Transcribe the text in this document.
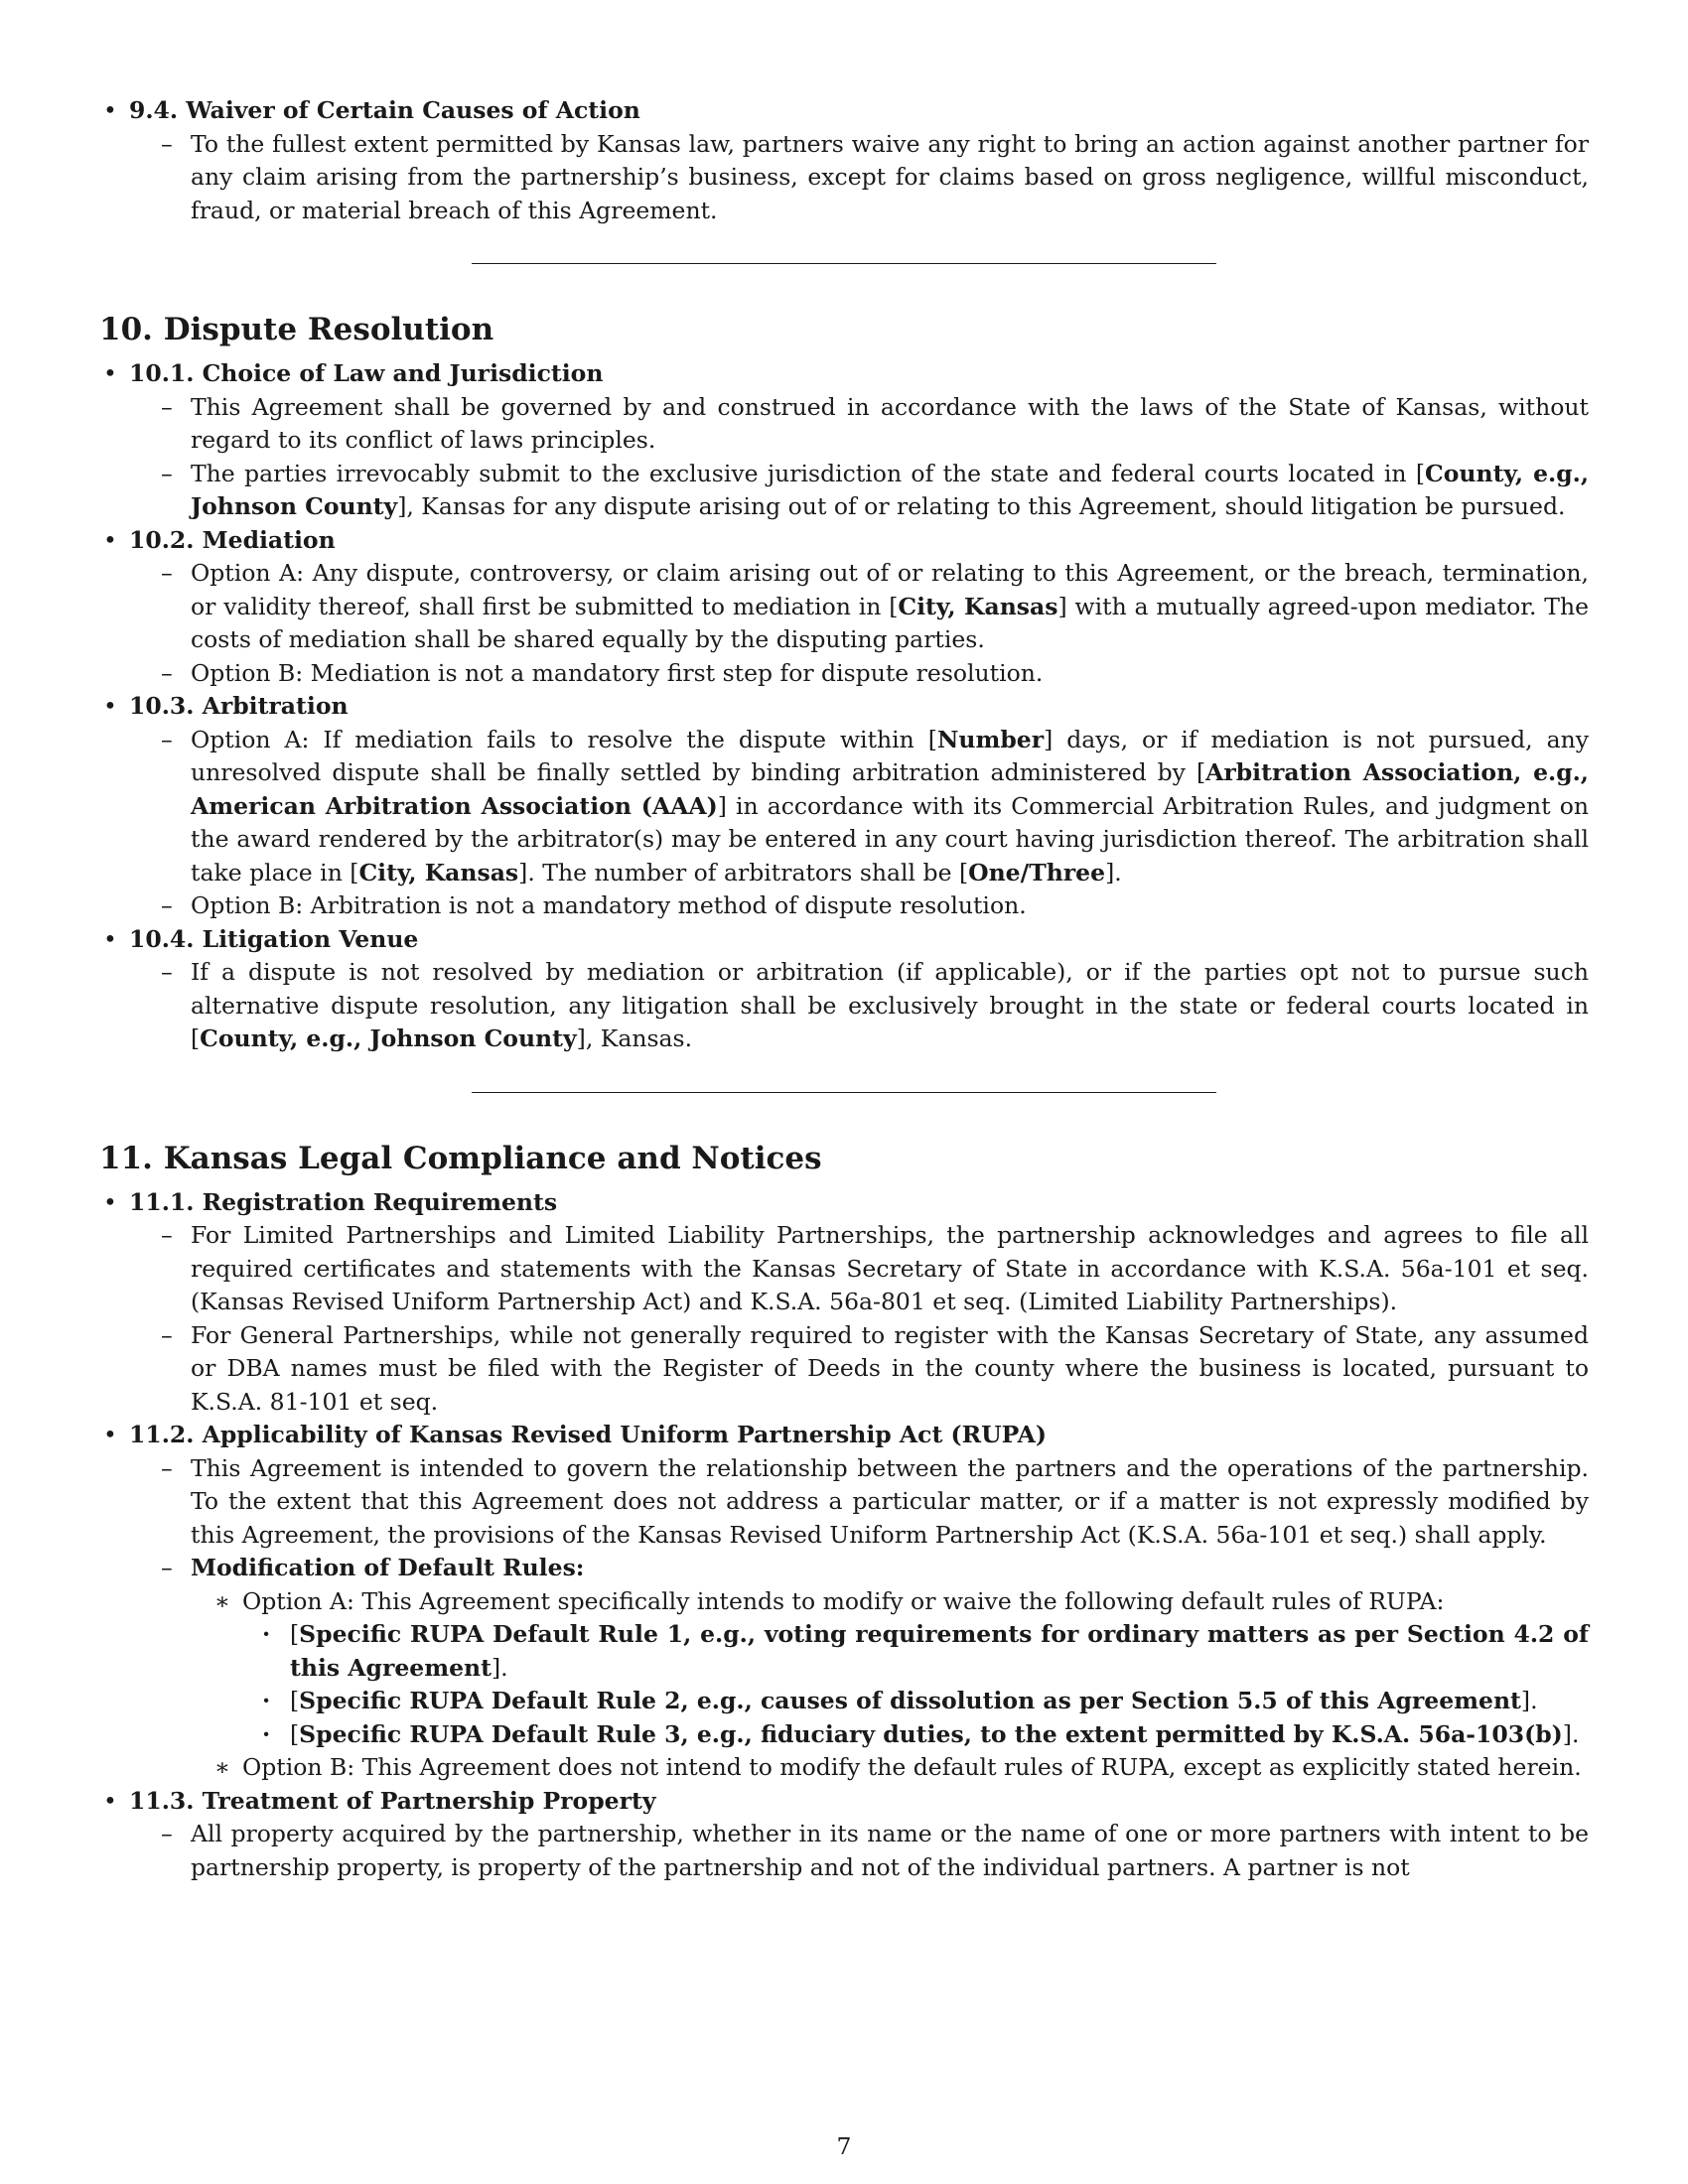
• 9.4. Waiver of Certain Causes of Action
– To the fullest extent permitted by Kansas law, partners waive any right to bring an action against another partner for any claim arising from the partnership’s business, except for claims based on gross negligence, willful misconduct, fraud, or material breach of this Agreement.
10. Dispute Resolution
• 10.1. Choice of Law and Jurisdiction
– This Agreement shall be governed by and construed in accordance with the laws of the State of Kansas, without regard to its conflict of laws principles.
– The parties irrevocably submit to the exclusive jurisdiction of the state and federal courts located in [County, e.g., Johnson County], Kansas for any dispute arising out of or relating to this Agreement, should litigation be pursued.
• 10.2. Mediation
– Option A: Any dispute, controversy, or claim arising out of or relating to this Agreement, or the breach, termination, or validity thereof, shall first be submitted to mediation in [City, Kansas] with a mutually agreed-upon mediator. The costs of mediation shall be shared equally by the disputing parties.
– Option B: Mediation is not a mandatory first step for dispute resolution.
• 10.3. Arbitration
– Option A: If mediation fails to resolve the dispute within [Number] days, or if mediation is not pursued, any unresolved dispute shall be finally settled by binding arbitration administered by [Arbitration Association, e.g., American Arbitration Association (AAA)] in accordance with its Commercial Arbitration Rules, and judgment on the award rendered by the arbitrator(s) may be entered in any court having jurisdiction thereof. The arbitration shall take place in [City, Kansas]. The number of arbitrators shall be [One/Three].
– Option B: Arbitration is not a mandatory method of dispute resolution.
• 10.4. Litigation Venue
– If a dispute is not resolved by mediation or arbitration (if applicable), or if the parties opt not to pursue such alternative dispute resolution, any litigation shall be exclusively brought in the state or federal courts located in [County, e.g., Johnson County], Kansas.
11. Kansas Legal Compliance and Notices
• 11.1. Registration Requirements
– For Limited Partnerships and Limited Liability Partnerships, the partnership acknowledges and agrees to file all required certificates and statements with the Kansas Secretary of State in accordance with K.S.A. 56a-101 et seq. (Kansas Revised Uniform Partnership Act) and K.S.A. 56a-801 et seq. (Limited Liability Partnerships).
– For General Partnerships, while not generally required to register with the Kansas Secretary of State, any assumed or DBA names must be filed with the Register of Deeds in the county where the business is located, pursuant to K.S.A. 81-101 et seq.
• 11.2. Applicability of Kansas Revised Uniform Partnership Act (RUPA)
– This Agreement is intended to govern the relationship between the partners and the operations of the partnership. To the extent that this Agreement does not address a particular matter, or if a matter is not expressly modified by this Agreement, the provisions of the Kansas Revised Uniform Partnership Act (K.S.A. 56a-101 et seq.) shall apply.
– Modification of Default Rules:
∗ Option A: This Agreement specifically intends to modify or waive the following default rules of RUPA:
· [Specific RUPA Default Rule 1, e.g., voting requirements for ordinary matters as per Section 4.2 of this Agreement].
· [Specific RUPA Default Rule 2, e.g., causes of dissolution as per Section 5.5 of this Agreement].
· [Specific RUPA Default Rule 3, e.g., fiduciary duties, to the extent permitted by K.S.A. 56a-103(b)].
∗ Option B: This Agreement does not intend to modify the default rules of RUPA, except as explicitly stated herein.
• 11.3. Treatment of Partnership Property
– All property acquired by the partnership, whether in its name or the name of one or more partners with intent to be partnership property, is property of the partnership and not of the individual partners. A partner is not
7
